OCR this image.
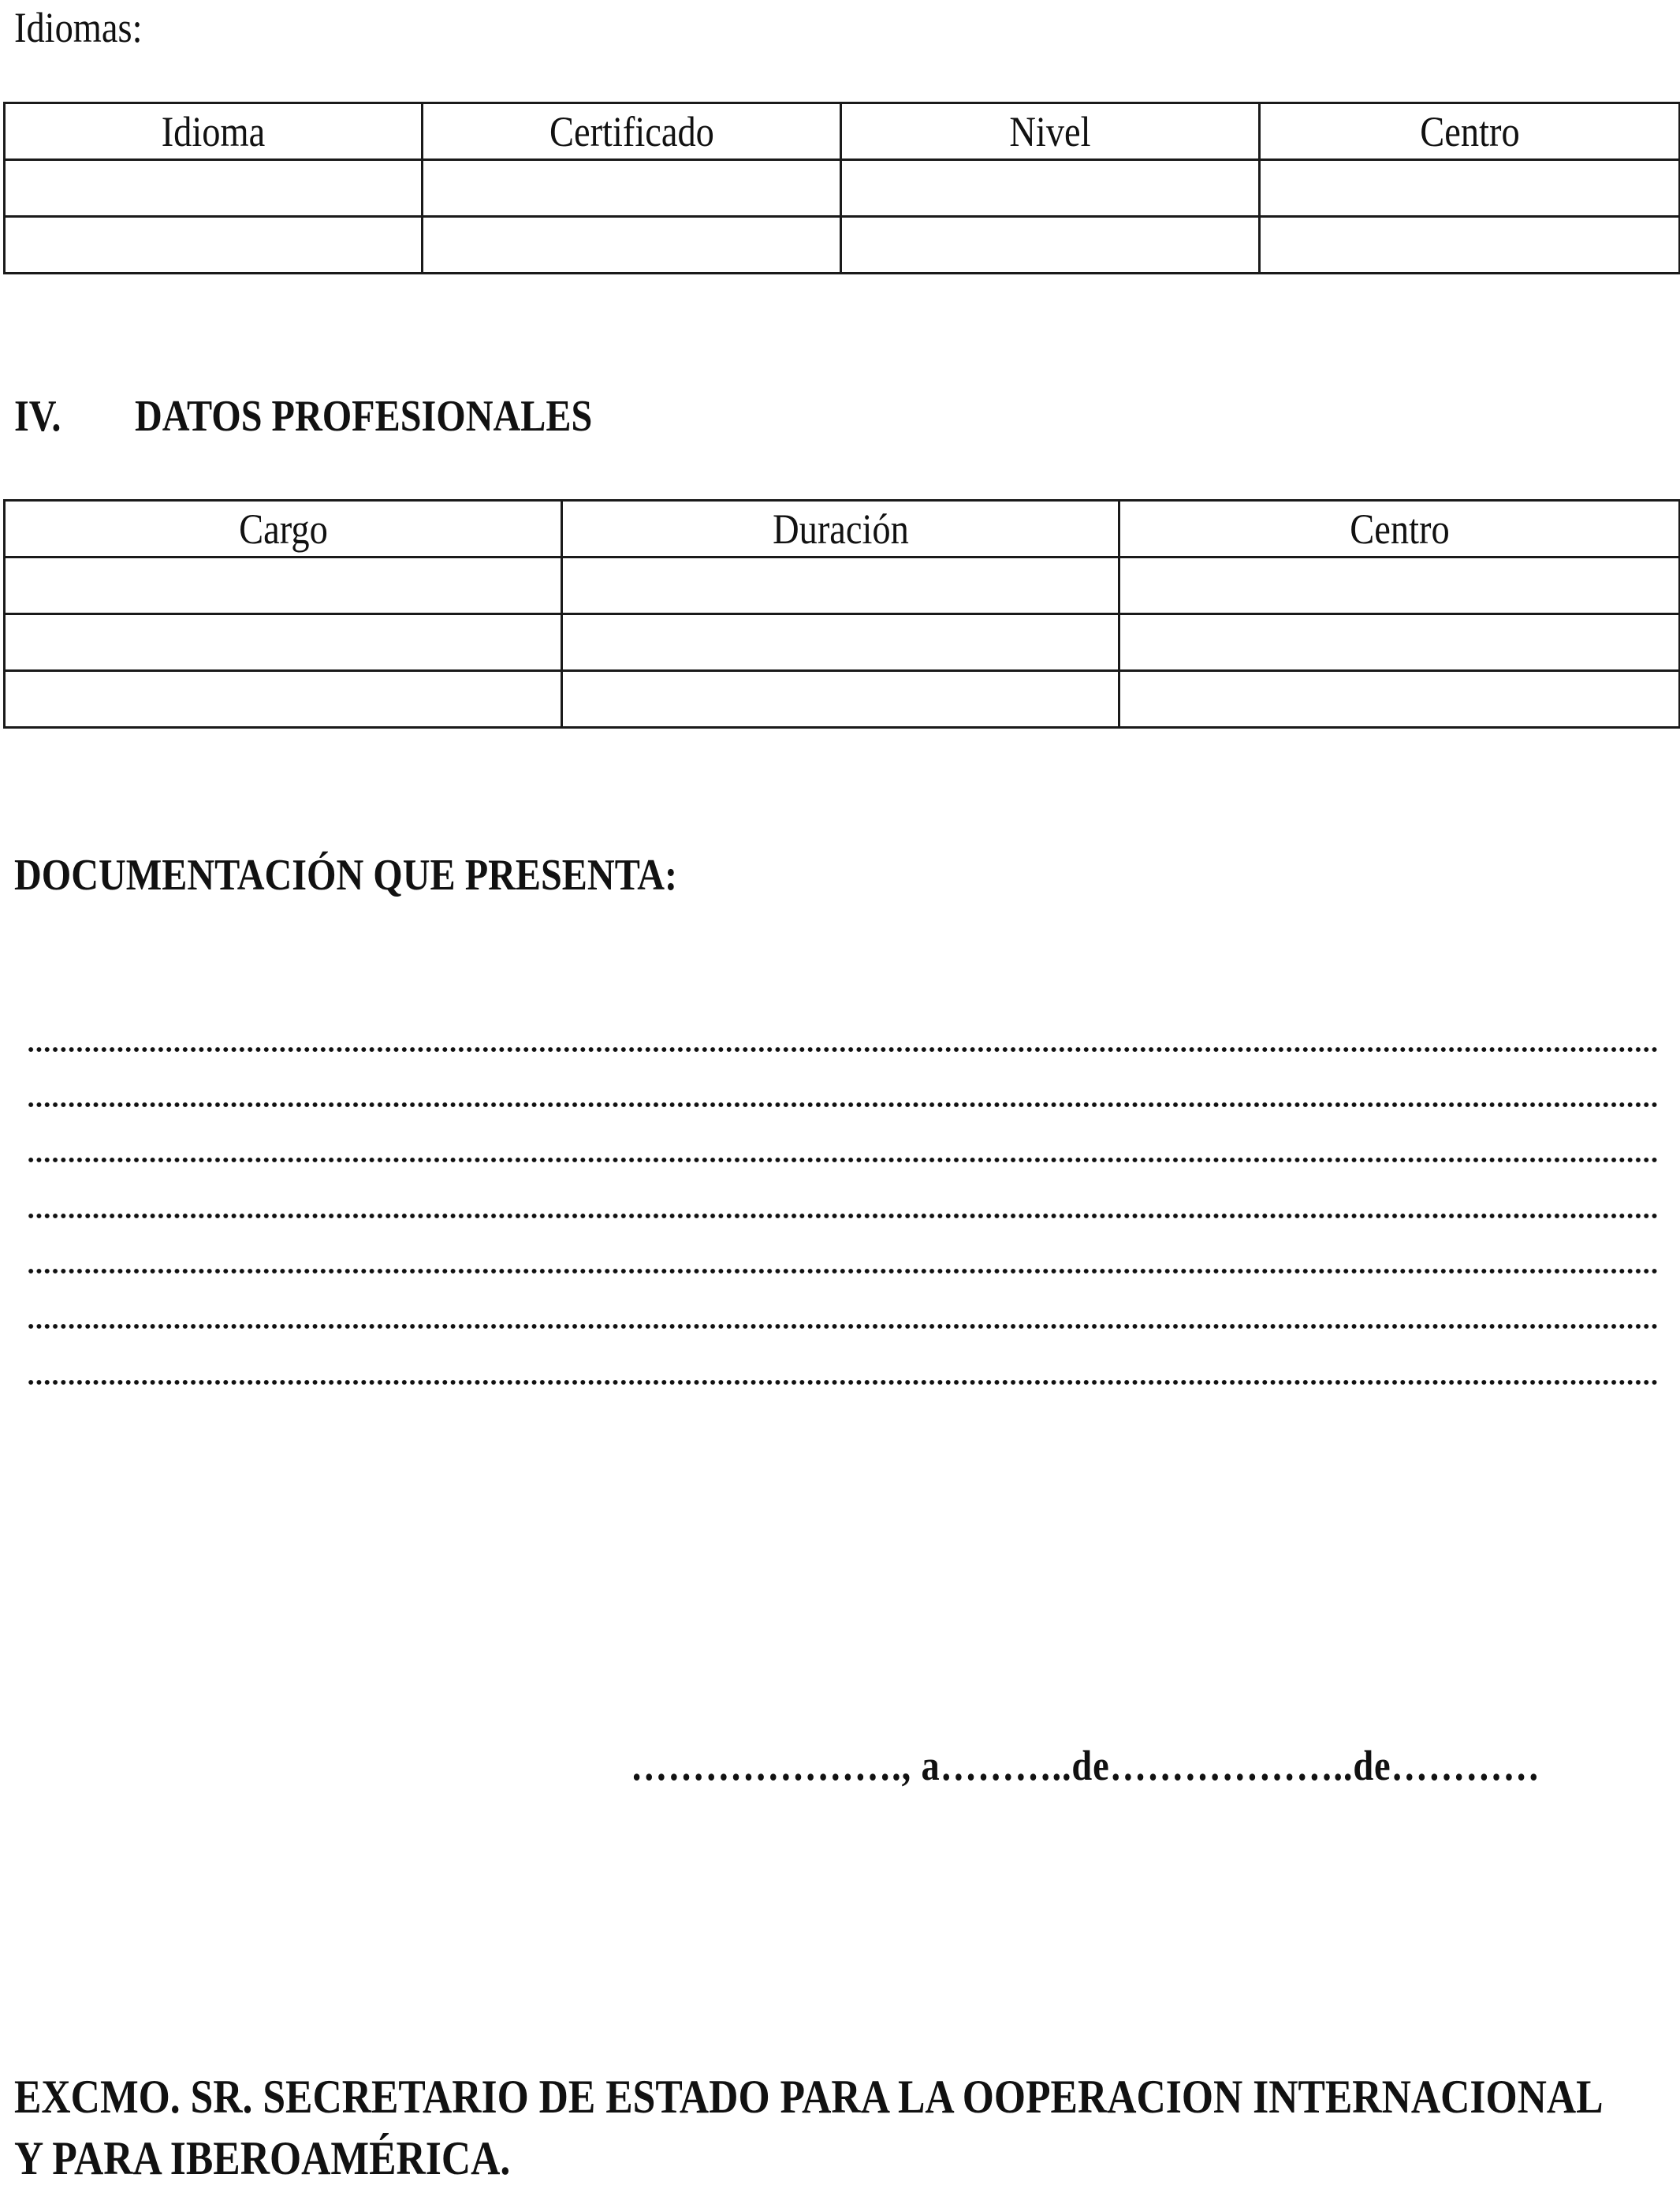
Idiomas:
Idioma	Certificado	Nivel	Centro

IV. DATOS PROFESIONALES
Cargo	Duración	Centro

DOCUMENTACIÓN QUE PRESENTA:
…………………., a………..de………………..de…………
EXCMO. SR. SECRETARIO DE ESTADO PARA LA OOPERACION INTERNACIONAL
Y PARA IBEROAMÉRICA.
